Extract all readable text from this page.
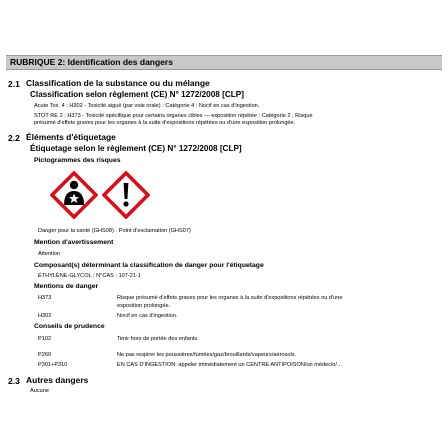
RUBRIQUE 2: Identification des dangers
2.1 Classification de la substance ou du mélange
Classification selon règlement (CE) N° 1272/2008 [CLP]
Acute Tox. 4 ; H302 - Toxicité aiguë (par voie orale) : Catégorie 4 ; Nocif en cas d'ingestion.
STOT RE 2 ; H373 - Toxicité spécifique pour certains organes cibles — exposition répétée : Catégorie 2 ; Risque
présumé d'effets graves pour les organes à la suite d'expositions répétées ou d'une exposition prolongée.
2.2 Éléments d'étiquetage
Étiquetage selon le règlement (CE) N° 1272/2008 [CLP]
Pictogrammes des risques
Danger pour la santé (GHS08) · Point d'exclamation (GHS07)
Mention d'avertissement
Attention
Composant(s) déterminant la classification de danger pour l'étiquetage
ÉTHYLÈNE-GLYCOL ; N°CAS : 107-21-1
Mentions de danger
H373	Risque présumé d'effets graves pour les organes à la suite d'expositions répétées ou d'une
exposition prolongée.
H302	Nocif en cas d'ingestion.
Conseils de prudence
P102	Tenir hors de portée des enfants.
P260	Ne pas respirer les poussières/fumées/gaz/brouillards/vapeurs/aérosols.
P301+P310	EN CAS D'INGESTION: appeler immédiatement un CENTRE ANTIPOISON/un médecin/…
2.3 Autres dangers
Aucune
